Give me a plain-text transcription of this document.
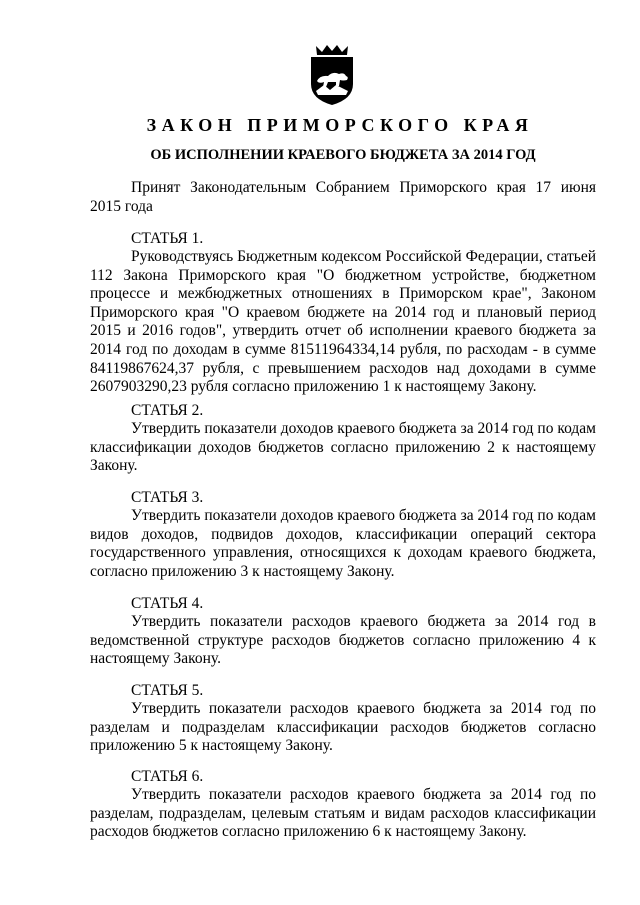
ЗАКОН ПРИМОРСКОГО КРАЯ
ОБ ИСПОЛНЕНИИ КРАЕВОГО БЮДЖЕТА ЗА 2014 ГОД

Принят Законодательным Собранием Приморского края 17 июня 2015 года

СТАТЬЯ 1.

Руководствуясь Бюджетным кодексом Российской Федерации, статьей 112 Закона Приморского края "О бюджетном устройстве, бюджетном процессе и межбюджетных отношениях в Приморском крае", Законом Приморского края "О краевом бюджете на 2014 год и плановый период 2015 и 2016 годов", утвердить отчет об исполнении краевого бюджета за 2014 год по доходам в сумме 81511964334,14 рубля, по расходам - в сумме 84119867624,37 рубля, с превышением расходов над доходами в сумме 2607903290,23 рубля согласно приложению 1 к настоящему Закону.

СТАТЬЯ 2.

Утвердить показатели доходов краевого бюджета за 2014 год по кодам классификации доходов бюджетов согласно приложению 2 к настоящему Закону.

СТАТЬЯ 3.

Утвердить показатели доходов краевого бюджета за 2014 год по кодам видов доходов, подвидов доходов, классификации операций сектора государственного управления, относящихся к доходам краевого бюджета, согласно приложению 3 к настоящему Закону.

СТАТЬЯ 4.

Утвердить показатели расходов краевого бюджета за 2014 год в ведомственной структуре расходов бюджетов согласно приложению 4 к настоящему Закону.

СТАТЬЯ 5.

Утвердить показатели расходов краевого бюджета за 2014 год по разделам и подразделам классификации расходов бюджетов согласно приложению 5 к настоящему Закону.

СТАТЬЯ 6.

Утвердить показатели расходов краевого бюджета за 2014 год по разделам, подразделам, целевым статьям и видам расходов классификации расходов бюджетов согласно приложению 6 к настоящему Закону.
